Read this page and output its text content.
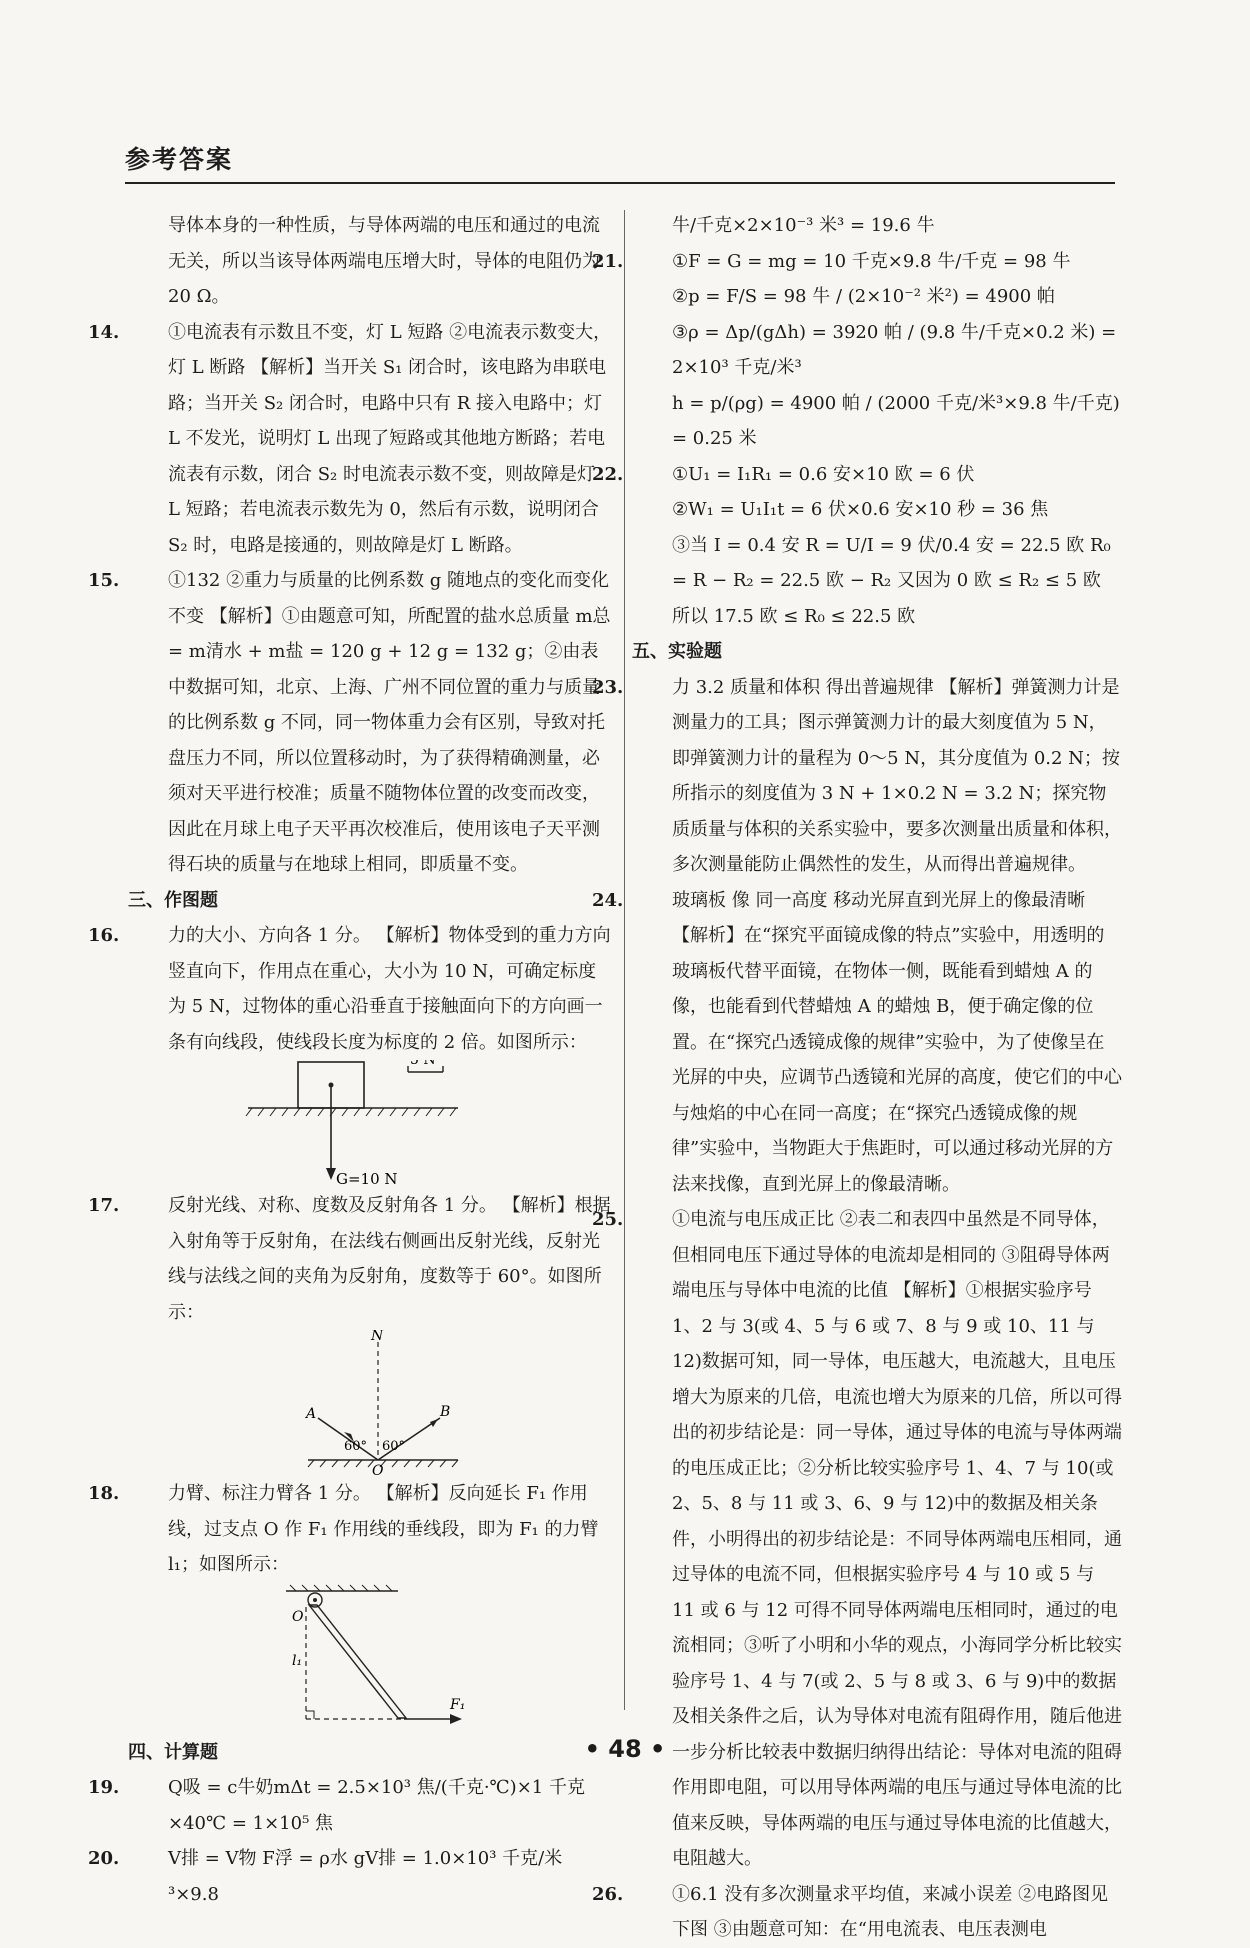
参考答案

导体本身的一种性质，与导体两端的电压和通过的电流无关，所以当该导体两端电压增大时，导体的电阻仍为 20 Ω。

14.	①电流表有示数且不变，灯 L 短路 ②电流表示数变大，灯 L 断路 【解析】当开关 S₁ 闭合时，该电路为串联电路；当开关 S₂ 闭合时，电路中只有 R 接入电路中；灯 L 不发光，说明灯 L 出现了短路或其他地方断路；若电流表有示数，闭合 S₂ 时电流表示数不变，则故障是灯 L 短路；若电流表示数先为 0，然后有示数，说明闭合 S₂ 时，电路是接通的，则故障是灯 L 断路。

15.	①132 ②重力与质量的比例系数 g 随地点的变化而变化 不变 【解析】①由题意可知，所配置的盐水总质量 m总 = m清水 + m盐 = 120 g + 12 g = 132 g；②由表中数据可知，北京、上海、广州不同位置的重力与质量的比例系数 g 不同，同一物体重力会有区别，导致对托盘压力不同，所以位置移动时，为了获得精确测量，必须对天平进行校准；质量不随物体位置的改变而改变，因此在月球上电子天平再次校准后，使用该电子天平测得石块的质量与在地球上相同，即质量不变。

三、作图题

16.	力的大小、方向各 1 分。 【解析】物体受到的重力方向竖直向下，作用点在重心，大小为 10 N，可确定标度为 5 N，过物体的重心沿垂直于接触面向下的方向画一条有向线段，使线段长度为标度的 2 倍。如图所示：

G=10 N
5 N

17.	反射光线、对称、度数及反射角各 1 分。 【解析】根据入射角等于反射角，在法线右侧画出反射光线，反射光线与法线之间的夹角为反射角，度数等于 60°。如图所示：

N
A	B
60° 60°
O

18.	力臂、标注力臂各 1 分。 【解析】反向延长 F₁ 作用线，过支点 O 作 F₁ 作用线的垂线段，即为 F₁ 的力臂 l₁；如图所示：

O
l₁
F₁

四、计算题

19.	Q吸 = c牛奶mΔt = 2.5×10³ 焦/(千克·℃)×1 千克×40℃ = 1×10⁵ 焦

20.	V排 = V物 F浮 = ρ水 gV排 = 1.0×10³ 千克/米³×9.8

牛/千克×2×10⁻³ 米³ = 19.6 牛

21.	①F = G = mg = 10 千克×9.8 牛/千克 = 98 牛

②p = F/S = 98 牛 / (2×10⁻² 米²) = 4900 帕

③ρ = Δp/(gΔh) = 3920 帕 / (9.8 牛/千克×0.2 米) = 2×10³ 千克/米³

h = p/(ρg) = 4900 帕 / (2000 千克/米³×9.8 牛/千克) = 0.25 米

22.	①U₁ = I₁R₁ = 0.6 安×10 欧 = 6 伏

②W₁ = U₁I₁t = 6 伏×0.6 安×10 秒 = 36 焦

③当 I = 0.4 安 R = U/I = 9 伏/0.4 安 = 22.5 欧 R₀ = R − R₂ = 22.5 欧 − R₂ 又因为 0 欧 ≤ R₂ ≤ 5 欧 所以 17.5 欧 ≤ R₀ ≤ 22.5 欧

五、实验题

23.	力 3.2 质量和体积 得出普遍规律 【解析】弹簧测力计是测量力的工具；图示弹簧测力计的最大刻度值为 5 N，即弹簧测力计的量程为 0～5 N，其分度值为 0.2 N；按所指示的刻度值为 3 N + 1×0.2 N = 3.2 N；探究物质质量与体积的关系实验中，要多次测量出质量和体积，多次测量能防止偶然性的发生，从而得出普遍规律。

24.	玻璃板 像 同一高度 移动光屏直到光屏上的像最清晰 【解析】在“探究平面镜成像的特点”实验中，用透明的玻璃板代替平面镜，在物体一侧，既能看到蜡烛 A 的像，也能看到代替蜡烛 A 的蜡烛 B，便于确定像的位置。在“探究凸透镜成像的规律”实验中，为了使像呈在光屏的中央，应调节凸透镜和光屏的高度，使它们的中心与烛焰的中心在同一高度；在“探究凸透镜成像的规律”实验中，当物距大于焦距时，可以通过移动光屏的方法来找像，直到光屏上的像最清晰。

25.	①电流与电压成正比 ②表二和表四中虽然是不同导体，但相同电压下通过导体的电流却是相同的 ③阻碍导体两端电压与导体中电流的比值 【解析】①根据实验序号 1、2 与 3(或 4、5 与 6 或 7、8 与 9 或 10、11 与 12)数据可知，同一导体，电压越大，电流越大，且电压增大为原来的几倍，电流也增大为原来的几倍，所以可得出的初步结论是：同一导体，通过导体的电流与导体两端的电压成正比；②分析比较实验序号 1、4、7 与 10(或 2、5、8 与 11 或 3、6、9 与 12)中的数据及相关条件，小明得出的初步结论是：不同导体两端电压相同，通过导体的电流不同，但根据实验序号 4 与 10 或 5 与 11 或 6 与 12 可得不同导体两端电压相同时，通过的电流相同；③听了小明和小华的观点，小海同学分析比较实验序号 1、4 与 7(或 2、5 与 8 或 3、6 与 9)中的数据及相关条件之后，认为导体对电流有阻碍作用，随后他进一步分析比较表中数据归纳得出结论：导体对电流的阻碍作用即电阻，可以用导体两端的电压与通过导体电流的比值来反映，导体两端的电压与通过导体电流的比值越大，电阻越大。

26.	①6.1 没有多次测量求平均值，来减小误差 ②电路图见下图 ③由题意可知：在“用电流表、电压表测电

• 48 •
